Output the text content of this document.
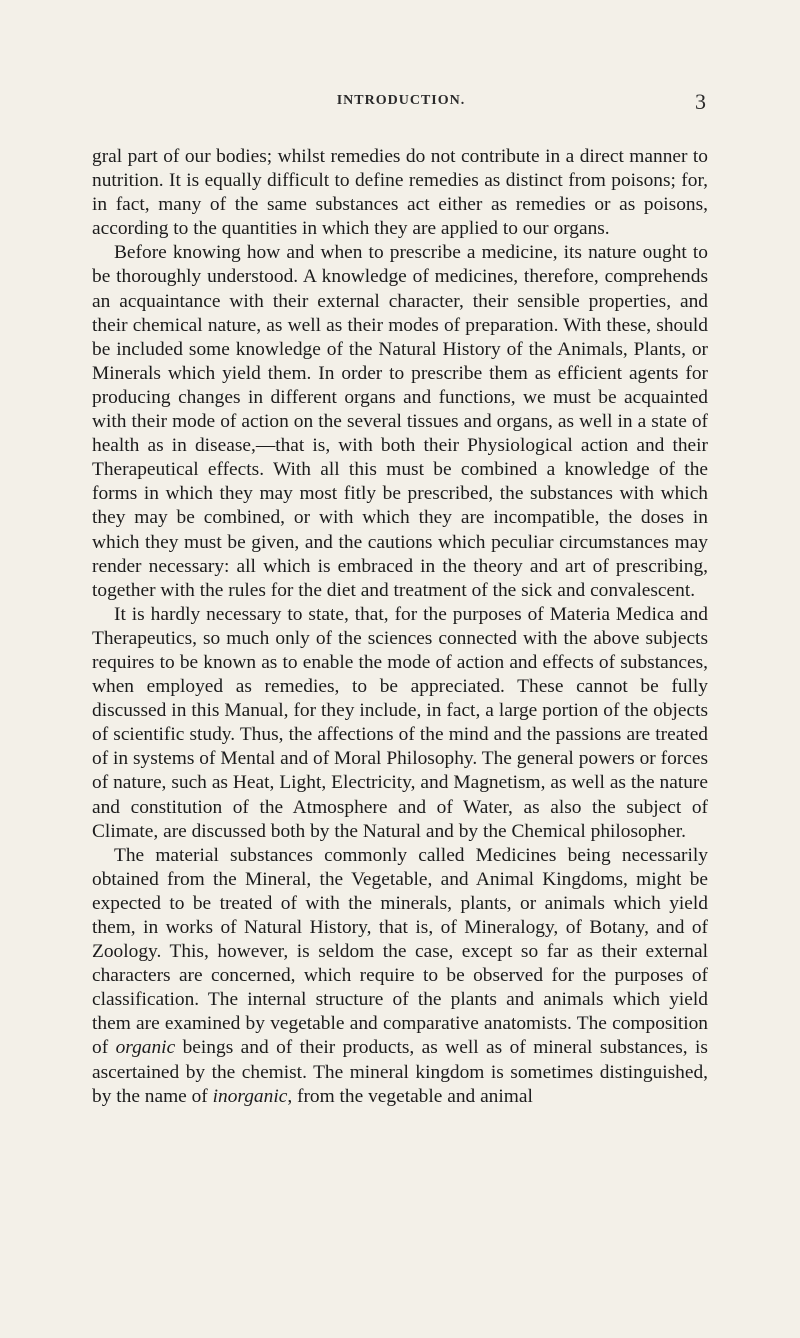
INTRODUCTION.	3

gral part of our bodies; whilst remedies do not contribute in a direct manner to nutrition. It is equally difficult to define remedies as distinct from poisons; for, in fact, many of the same substances act either as remedies or as poisons, according to the quantities in which they are applied to our organs.

Before knowing how and when to prescribe a medicine, its nature ought to be thoroughly understood. A knowledge of medicines, therefore, comprehends an acquaintance with their external character, their sensible properties, and their chemical nature, as well as their modes of preparation. With these, should be included some knowledge of the Natural History of the Animals, Plants, or Minerals which yield them. In order to prescribe them as efficient agents for producing changes in different organs and functions, we must be acquainted with their mode of action on the several tissues and organs, as well in a state of health as in disease,—that is, with both their Physiological action and their Therapeutical effects. With all this must be combined a knowledge of the forms in which they may most fitly be prescribed, the substances with which they may be combined, or with which they are incompatible, the doses in which they must be given, and the cautions which peculiar circumstances may render necessary: all which is embraced in the theory and art of prescribing, together with the rules for the diet and treatment of the sick and convalescent.

It is hardly necessary to state, that, for the purposes of Materia Medica and Therapeutics, so much only of the sciences connected with the above subjects requires to be known as to enable the mode of action and effects of substances, when employed as remedies, to be appreciated. These cannot be fully discussed in this Manual, for they include, in fact, a large portion of the objects of scientific study. Thus, the affections of the mind and the passions are treated of in systems of Mental and of Moral Philosophy. The general powers or forces of nature, such as Heat, Light, Electricity, and Magnetism, as well as the nature and constitution of the Atmosphere and of Water, as also the subject of Climate, are discussed both by the Natural and by the Chemical philosopher.

The material substances commonly called Medicines being necessarily obtained from the Mineral, the Vegetable, and Animal Kingdoms, might be expected to be treated of with the minerals, plants, or animals which yield them, in works of Natural History, that is, of Mineralogy, of Botany, and of Zoology. This, however, is seldom the case, except so far as their external characters are concerned, which require to be observed for the purposes of classification. The internal structure of the plants and animals which yield them are examined by vegetable and comparative anatomists. The composition of organic beings and of their products, as well as of mineral substances, is ascertained by the chemist. The mineral kingdom is sometimes distinguished, by the name of inorganic, from the vegetable and animal
